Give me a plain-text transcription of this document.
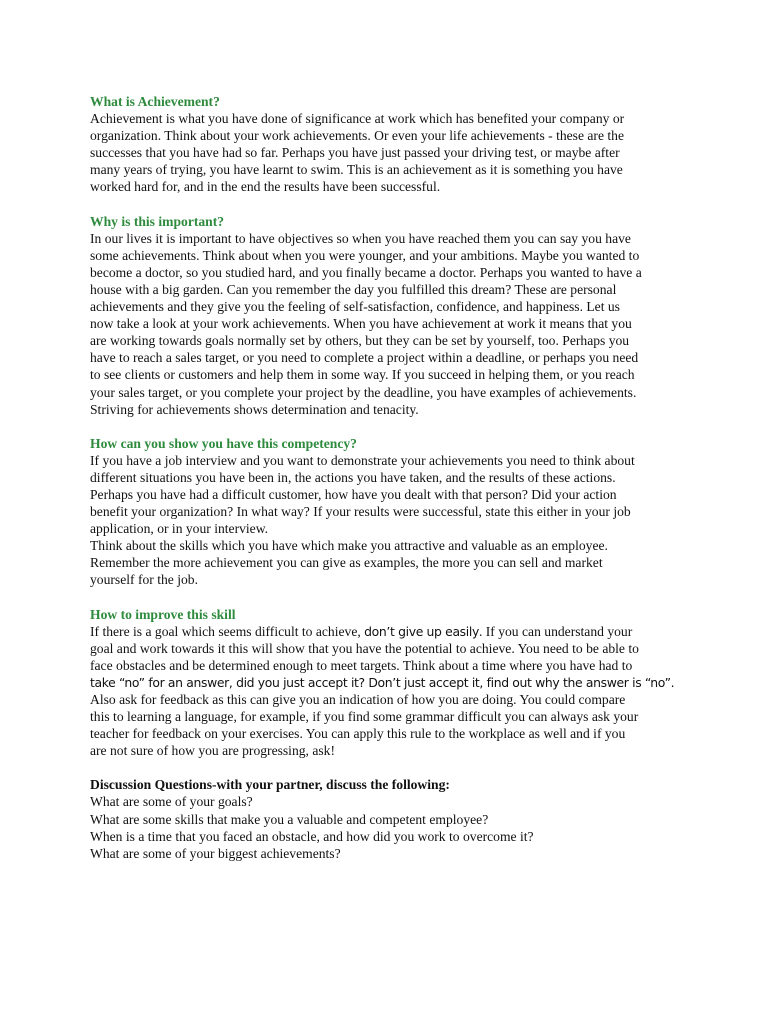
What is Achievement?
Achievement is what you have done of significance at work which has benefited your company or
organization. Think about your work achievements. Or even your life achievements - these are the
successes that you have had so far. Perhaps you have just passed your driving test, or maybe after
many years of trying, you have learnt to swim. This is an achievement as it is something you have
worked hard for, and in the end the results have been successful.
Why is this important?
In our lives it is important to have objectives so when you have reached them you can say you have
some achievements. Think about when you were younger, and your ambitions. Maybe you wanted to
become a doctor, so you studied hard, and you finally became a doctor. Perhaps you wanted to have a
house with a big garden. Can you remember the day you fulfilled this dream? These are personal
achievements and they give you the feeling of self-satisfaction, confidence, and happiness. Let us
now take a look at your work achievements. When you have achievement at work it means that you
are working towards goals normally set by others, but they can be set by yourself, too. Perhaps you
have to reach a sales target, or you need to complete a project within a deadline, or perhaps you need
to see clients or customers and help them in some way. If you succeed in helping them, or you reach
your sales target, or you complete your project by the deadline, you have examples of achievements.
Striving for achievements shows determination and tenacity.
How can you show you have this competency?
If you have a job interview and you want to demonstrate your achievements you need to think about
different situations you have been in, the actions you have taken, and the results of these actions.
Perhaps you have had a difficult customer, how have you dealt with that person? Did your action
benefit your organization? In what way? If your results were successful, state this either in your job
application, or in your interview.
Think about the skills which you have which make you attractive and valuable as an employee.
Remember the more achievement you can give as examples, the more you can sell and market
yourself for the job.
How to improve this skill
If there is a goal which seems difficult to achieve, don’t give up easily. If you can understand your
goal and work towards it this will show that you have the potential to achieve. You need to be able to
face obstacles and be determined enough to meet targets. Think about a time where you have had to
take “no” for an answer, did you just accept it? Don’t just accept it, find out why the answer is “no”.
Also ask for feedback as this can give you an indication of how you are doing. You could compare
this to learning a language, for example, if you find some grammar difficult you can always ask your
teacher for feedback on your exercises. You can apply this rule to the workplace as well and if you
are not sure of how you are progressing, ask!
Discussion Questions-with your partner, discuss the following:
What are some of your goals?
What are some skills that make you a valuable and competent employee?
When is a time that you faced an obstacle, and how did you work to overcome it?
What are some of your biggest achievements?
